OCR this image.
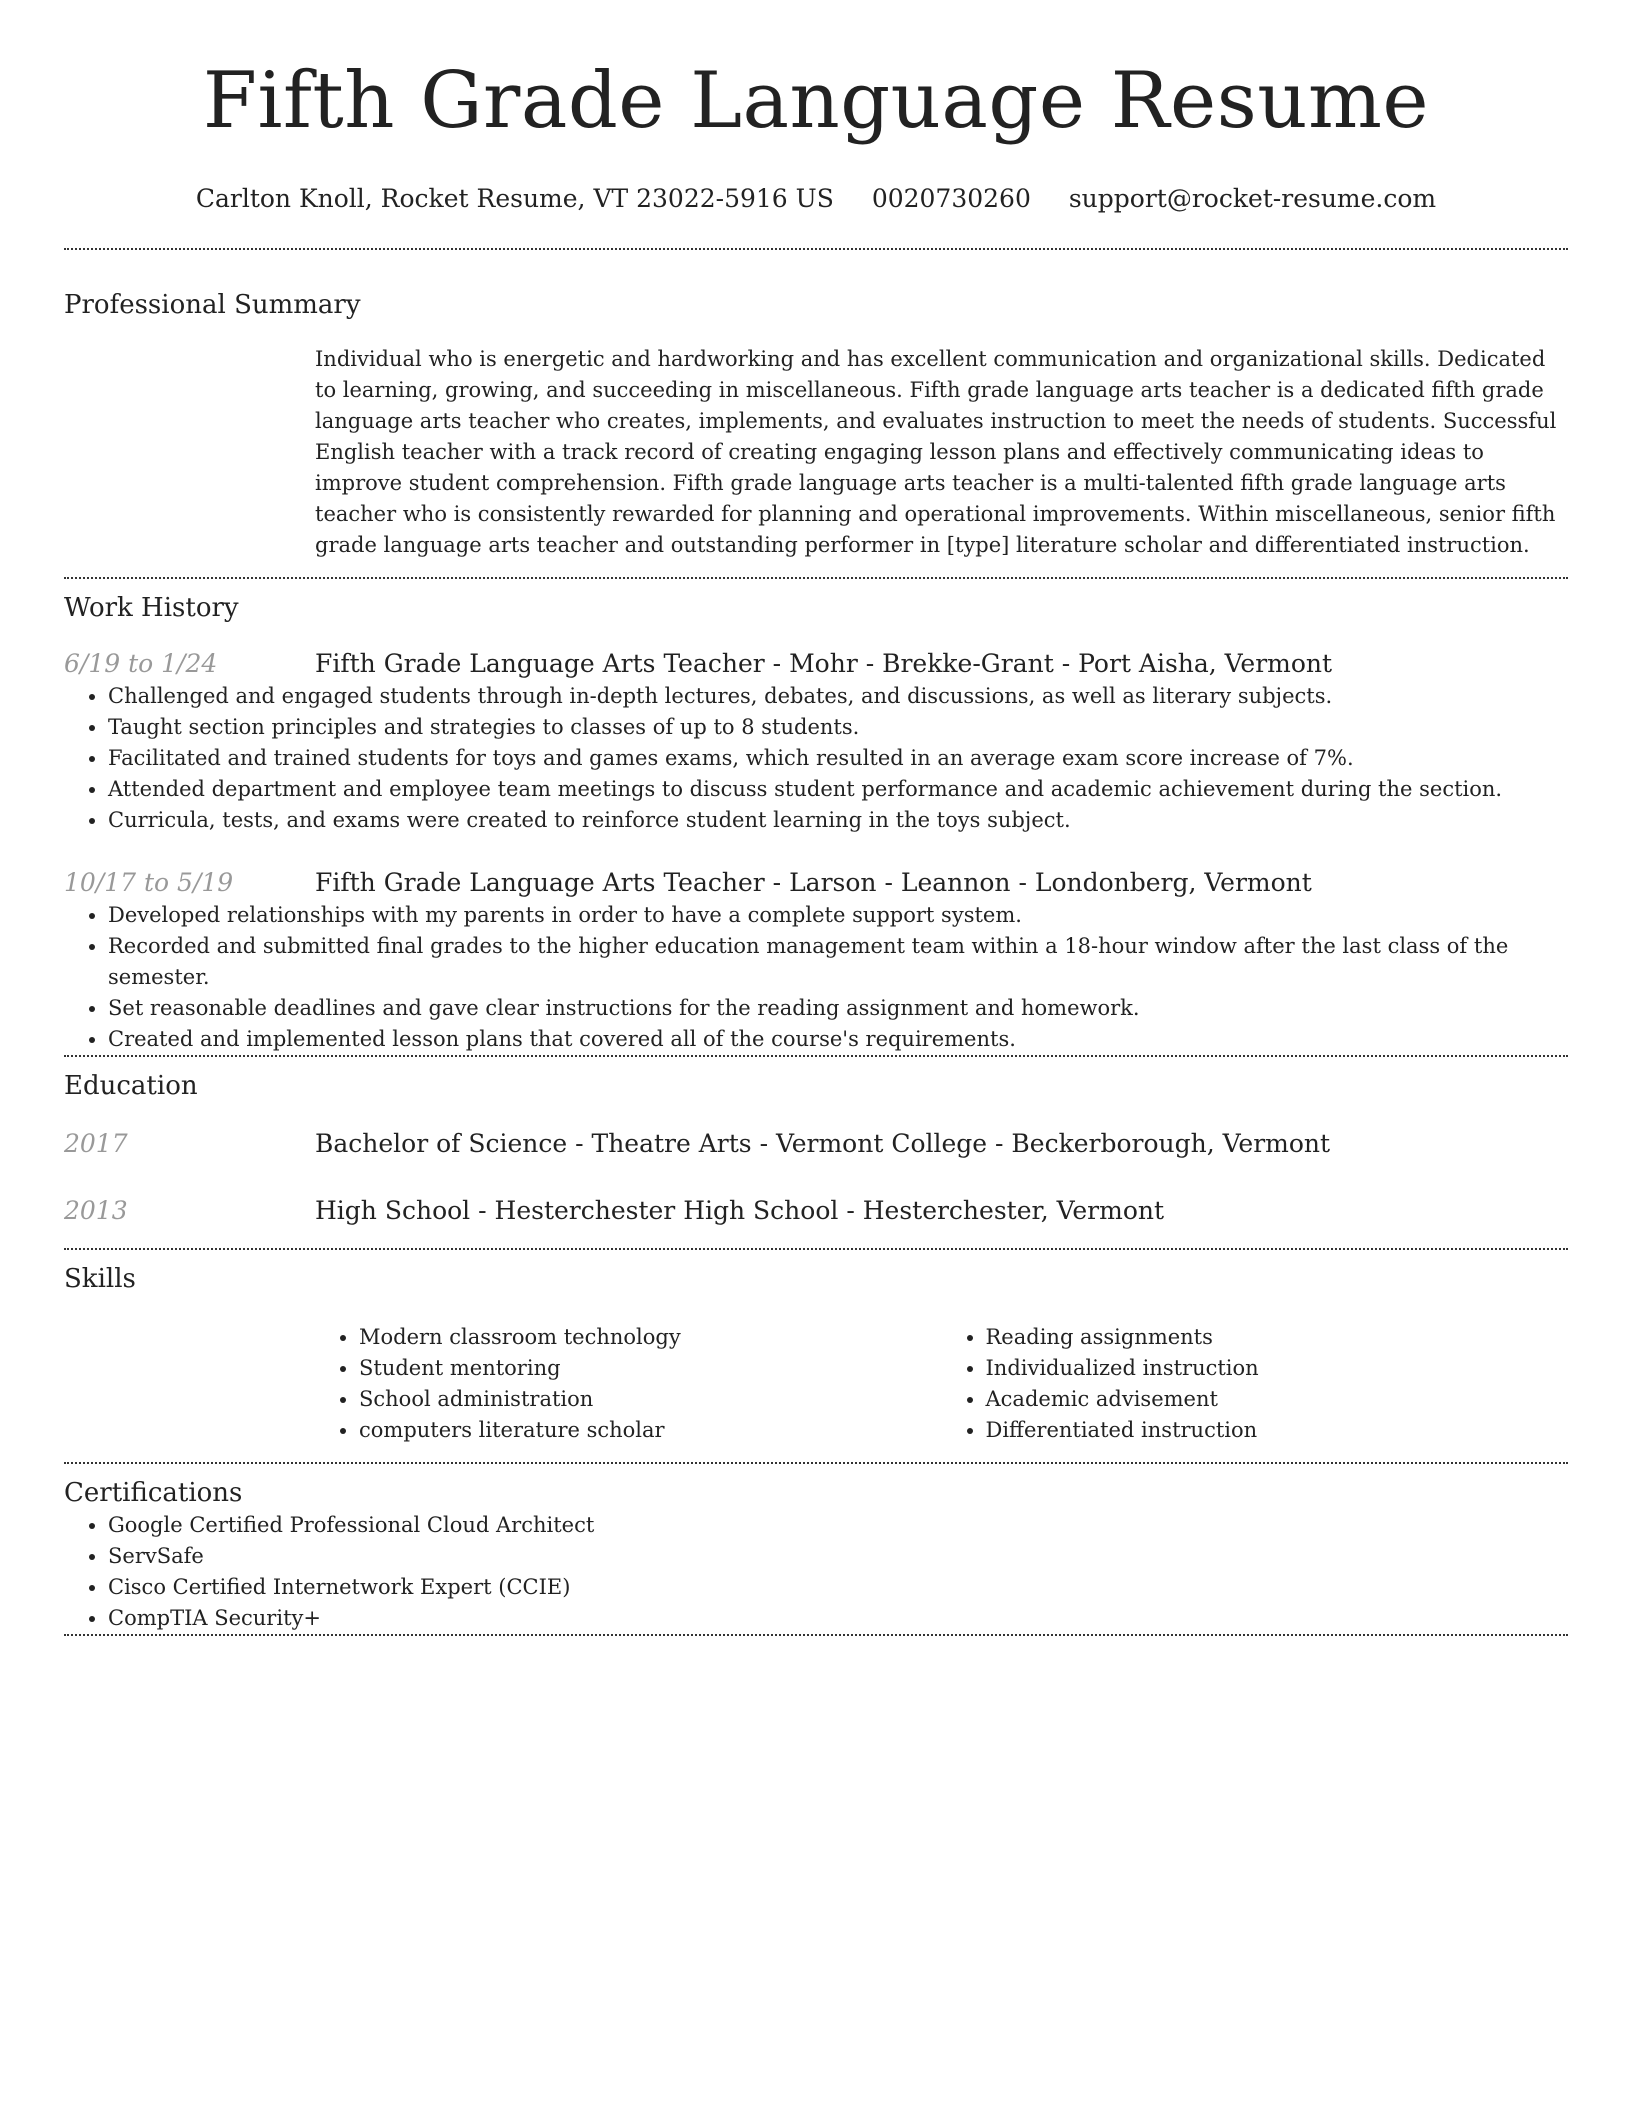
Fifth Grade Language Resume
Carlton Knoll, Rocket Resume, VT 23022-5916 US 0020730260 support@rocket-resume.com
Professional Summary
Individual who is energetic and hardworking and has excellent communication and organizational skills. Dedicated to learning, growing, and succeeding in miscellaneous. Fifth grade language arts teacher is a dedicated fifth grade language arts teacher who creates, implements, and evaluates instruction to meet the needs of students. Successful English teacher with a track record of creating engaging lesson plans and effectively communicating ideas to improve student comprehension. Fifth grade language arts teacher is a multi-talented fifth grade language arts teacher who is consistently rewarded for planning and operational improvements. Within miscellaneous, senior fifth grade language arts teacher and outstanding performer in [type] literature scholar and differentiated instruction.
Work History
6/19 to 1/24	Fifth Grade Language Arts Teacher - Mohr - Brekke-Grant - Port Aisha, Vermont
• Challenged and engaged students through in-depth lectures, debates, and discussions, as well as literary subjects.
• Taught section principles and strategies to classes of up to 8 students.
• Facilitated and trained students for toys and games exams, which resulted in an average exam score increase of 7%.
• Attended department and employee team meetings to discuss student performance and academic achievement during the section.
• Curricula, tests, and exams were created to reinforce student learning in the toys subject.
10/17 to 5/19	Fifth Grade Language Arts Teacher - Larson - Leannon - Londonberg, Vermont
• Developed relationships with my parents in order to have a complete support system.
• Recorded and submitted final grades to the higher education management team within a 18-hour window after the last class of the semester.
• Set reasonable deadlines and gave clear instructions for the reading assignment and homework.
• Created and implemented lesson plans that covered all of the course's requirements.
Education
2017	Bachelor of Science - Theatre Arts - Vermont College - Beckerborough, Vermont
2013	High School - Hesterchester High School - Hesterchester, Vermont
Skills
• Modern classroom technology
• Student mentoring
• School administration
• computers literature scholar
• Reading assignments
• Individualized instruction
• Academic advisement
• Differentiated instruction
Certifications
• Google Certified Professional Cloud Architect
• ServSafe
• Cisco Certified Internetwork Expert (CCIE)
• CompTIA Security+
